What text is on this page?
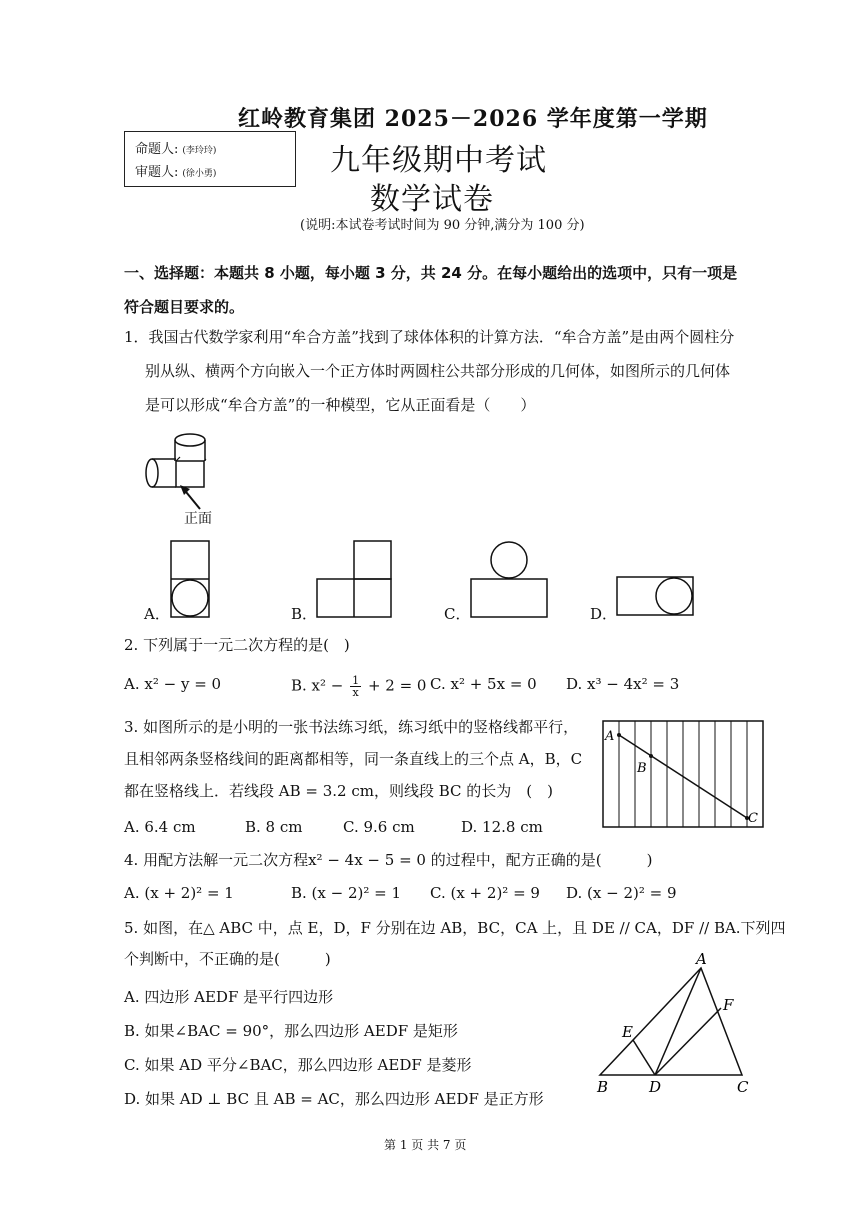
红岭教育集团 2025－2026 学年度第一学期
命题人: (李玲玲)
审题人: (徐小勇)	九年级期中考试
数学试卷
(说明:本试卷考试时间为 90 分钟,满分为 100 分)
一、选择题：本题共 8 小题，每小题 3 分，共 24 分。在每小题给出的选项中，只有一项是符合题目要求的。
1．我国古代数学家利用“牟合方盖”找到了球体体积的计算方法．“牟合方盖”是由两个圆柱分
别从纵、横两个方向嵌入一个正方体时两圆柱公共部分形成的几何体，如图所示的几何体
是可以形成“牟合方盖”的一种模型，它从正面看是（　　）
正面
A．	B．	C．	D．
2. 下列属于一元二次方程的是(　)
A. x² − y = 0	B. $x^2 - \frac{1}{x} + 2 = 0$ C. x² + 5x = 0 D. x³ − 4x² = 3
3. 如图所示的是小明的一张书法练习纸，练习纸中的竖格线都平行，
且相邻两条竖格线间的距离都相等，同一条直线上的三个点 A，B，C
都在竖格线上．若线段 AB = 3.2 cm，则线段 BC 的长为　(　)
A. 6.4 cm	B. 8 cm	C. 9.6 cm	D. 12.8 cm
A
B
C
4. 用配方法解一元二次方程x² − 4x − 5 = 0 的过程中，配方正确的是(　　　)
A. (x + 2)² = 1	B. (x − 2)² = 1 C. (x + 2)² = 9 D. (x − 2)² = 9
5. 如图，在△ ABC 中，点 E，D，F 分别在边 AB，BC，CA 上，且 DE // CA，DF // BA.下列四
个判断中，不正确的是(　　　)
A. 四边形 AEDF 是平行四边形
B. 如果∠BAC = 90°，那么四边形 AEDF 是矩形
C. 如果 AD 平分∠BAC，那么四边形 AEDF 是菱形
D. 如果 AD ⊥ BC 且 AB = AC，那么四边形 AEDF 是正方形
A
B	C
D
E
F
第 1 页 共 7 页
